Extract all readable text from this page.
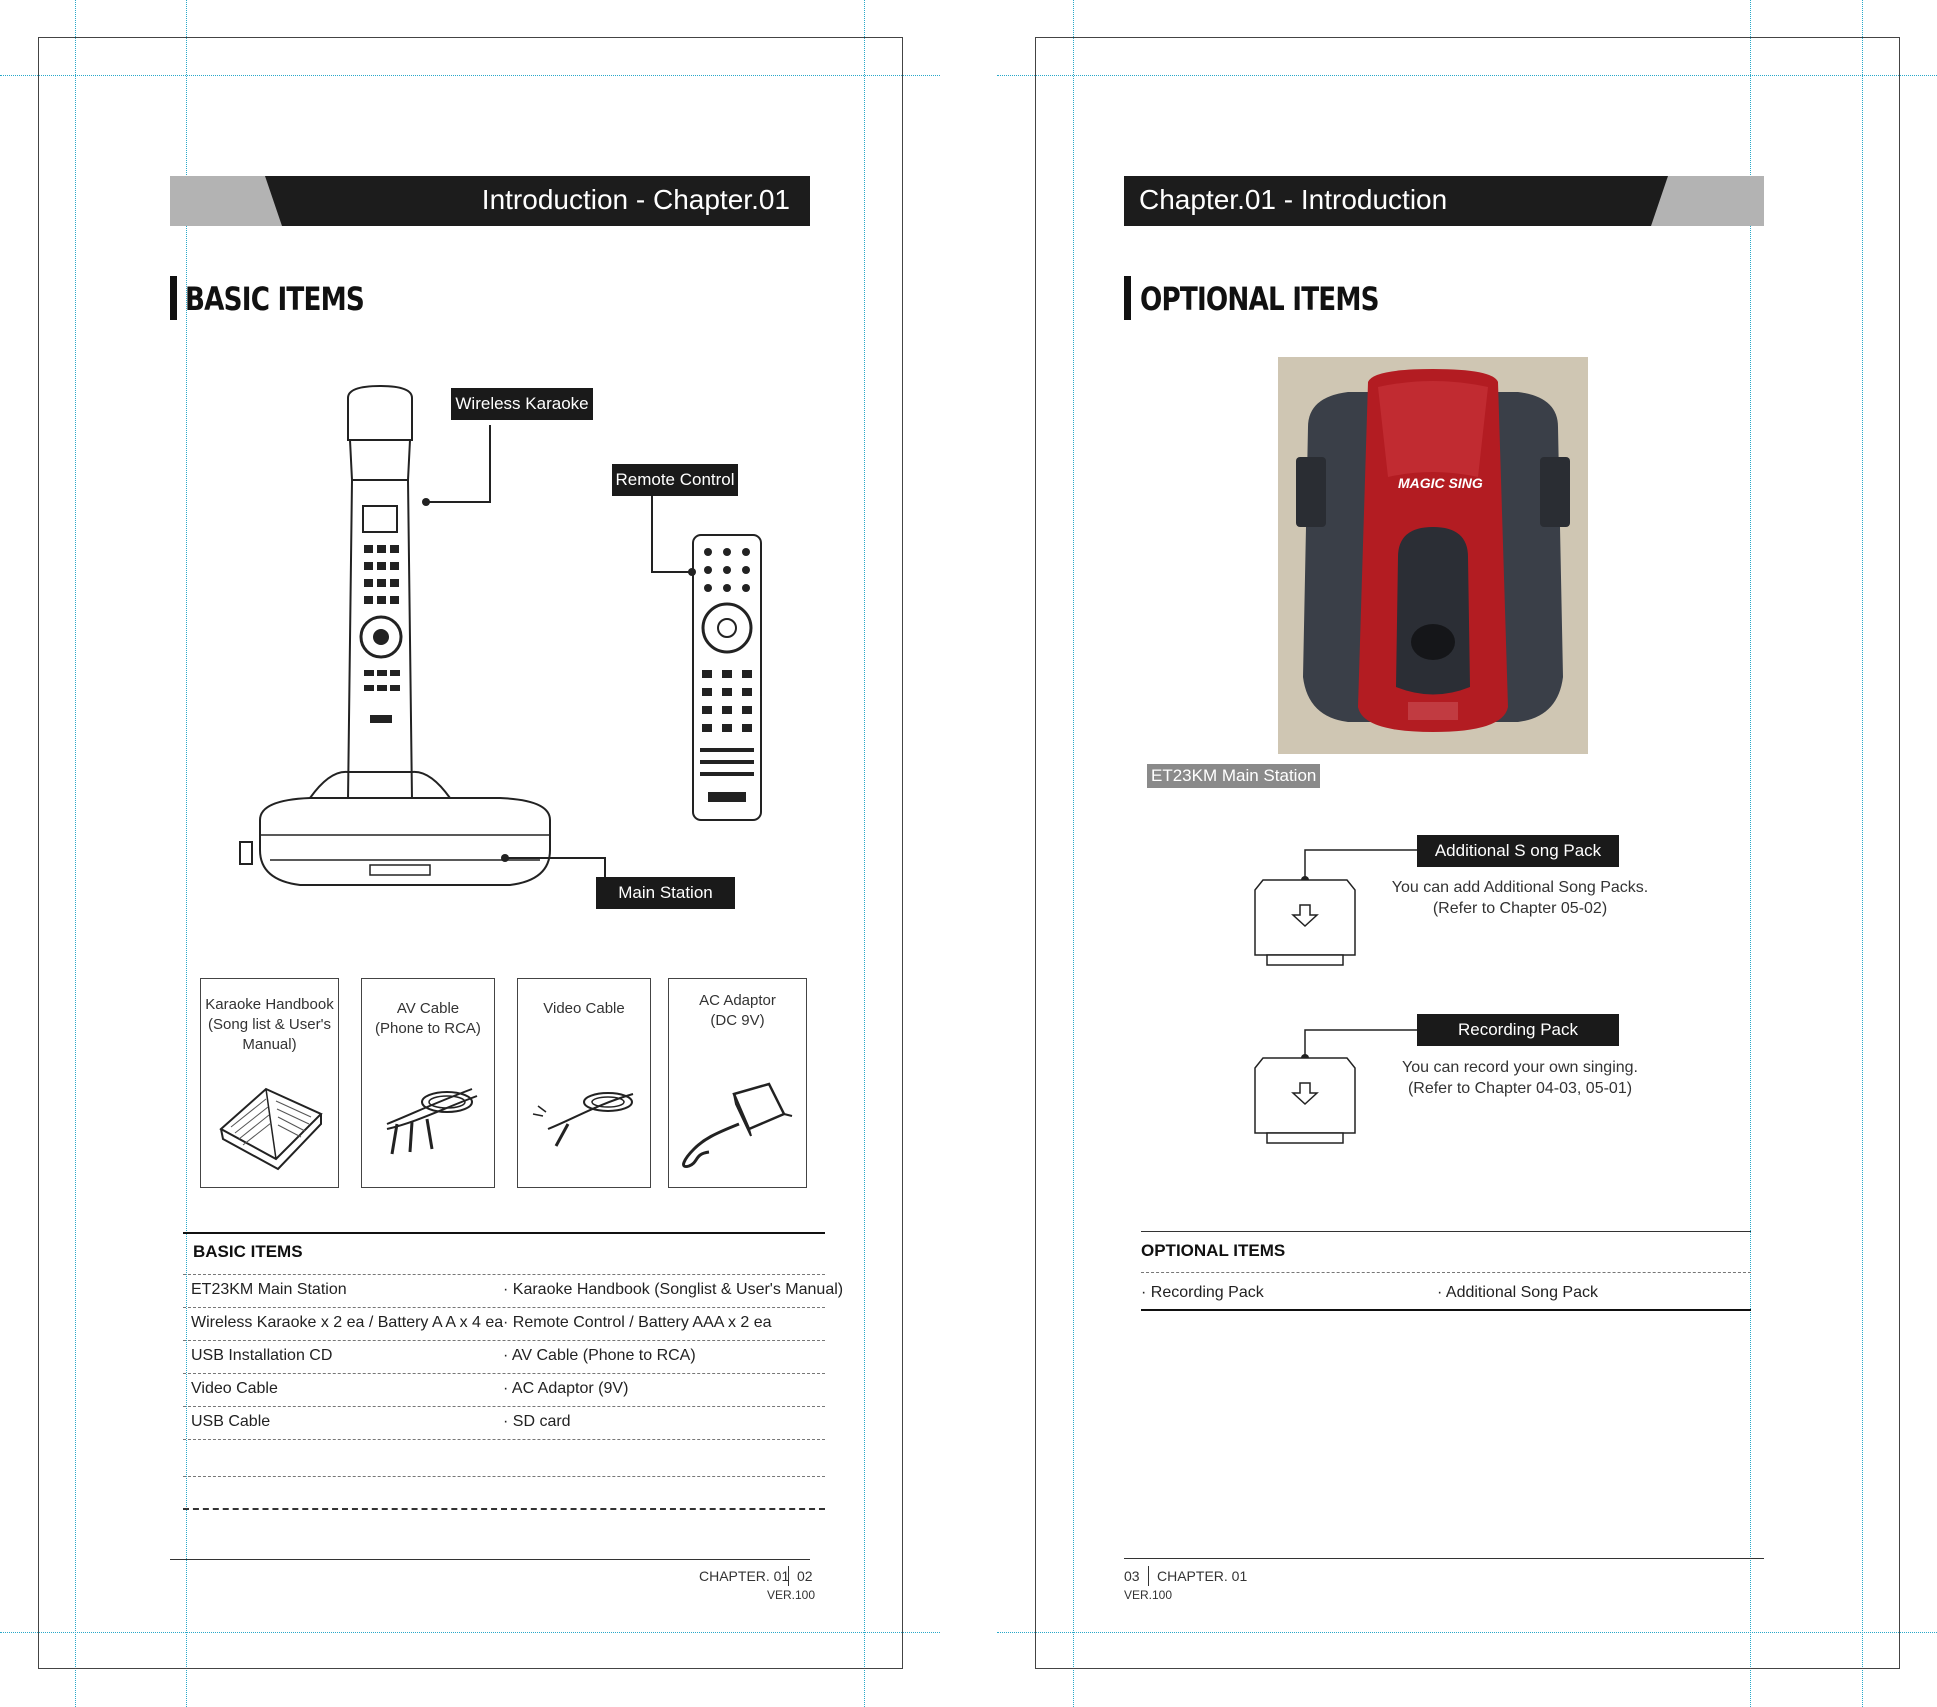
Introduction - Chapter.01
BASIC ITEMS
Wireless Karaoke
Remote Control
Main Station
Karaoke Handbook
(Song list & User's
Manual)
AV Cable
(Phone to RCA)
Video Cable	AC Adaptor
(DC 9V)
BASIC ITEMS
ET23KM Main Station	· Karaoke Handbook (Songlist & User's Manual)
Wireless Karaoke x 2 ea / Battery A A x 4 ea · Remote Control / Battery AAA x 2 ea
USB Installation CD	· AV Cable (Phone to RCA)
Video Cable	· AC Adaptor (9V)
USB Cable	· SD card
CHAPTER. 01 02
VER.100
Chapter.01 - Introduction
OPTIONAL ITEMS
MAGIC SING
ET23KM Main Station
Additional S ong Pack
You can add Additional Song Packs.
(Refer to Chapter 05-02)
Recording Pack
You can record your own singing.
(Refer to Chapter 04-03, 05-01)
OPTIONAL ITEMS
· Recording Pack	· Additional Song Pack
03 CHAPTER. 01
VER.100
